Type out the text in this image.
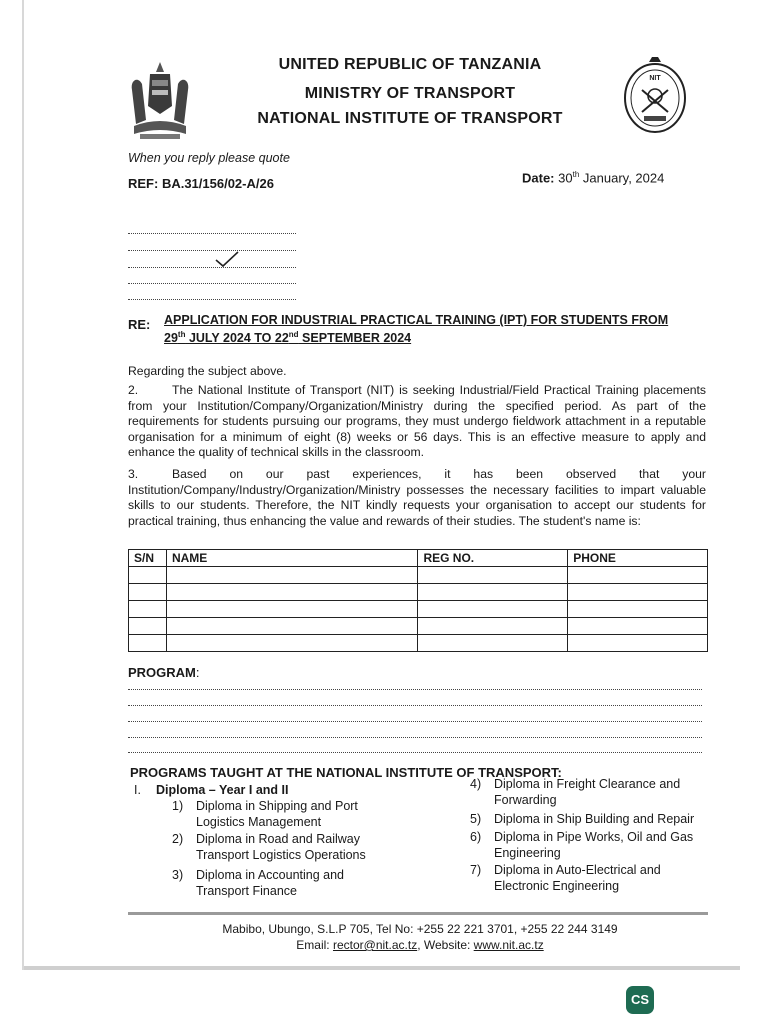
NIT
UNITED REPUBLIC OF TANZANIA
MINISTRY OF TRANSPORT
NATIONAL INSTITUTE OF TRANSPORT
When you reply please quote
REF: BA.31/156/02-A/26	Date: 30th January, 2024
RE: APPLICATION FOR INDUSTRIAL PRACTICAL TRAINING (IPT) FOR STUDENTS FROM
29th JULY 2024 TO 22nd SEPTEMBER 2024
Regarding the subject above.
2.	The National Institute of Transport (NIT) is seeking Industrial/Field Practical Training placements from your Institution/Company/Organization/Ministry during the specified period. As part of the requirements for students pursuing our programs, they must undergo fieldwork attachment in a reputable organisation for a minimum of eight (8) weeks or 56 days. This is an effective measure to apply and enhance the quality of technical skills in the classroom.
3.	Based on our past experiences, it has been observed that your Institution/Company/Industry/Organization/Ministry possesses the necessary facilities to impart valuable skills to our students. Therefore, the NIT kindly requests your organisation to accept our students for practical training, thus enhancing the value and rewards of their studies. The student's name is:
S/N	NAME	REG NO.	PHONE

PROGRAM:
PROGRAMS TAUGHT AT THE NATIONAL INSTITUTE OF TRANSPORT:
I. Diploma – Year I and II
1) Diploma in Shipping and Port
Logistics Management
2) Diploma in Road and Railway
Transport Logistics Operations
3) Diploma in Accounting and
Transport Finance
4) Diploma in Freight Clearance and
Forwarding
5) Diploma in Ship Building and Repair
6) Diploma in Pipe Works, Oil and Gas
Engineering
7) Diploma in Auto-Electrical and
Electronic Engineering
Mabibo, Ubungo, S.L.P 705, Tel No: +255 22 221 3701, +255 22 244 3149
Email: rector@nit.ac.tz, Website: www.nit.ac.tz
CS
